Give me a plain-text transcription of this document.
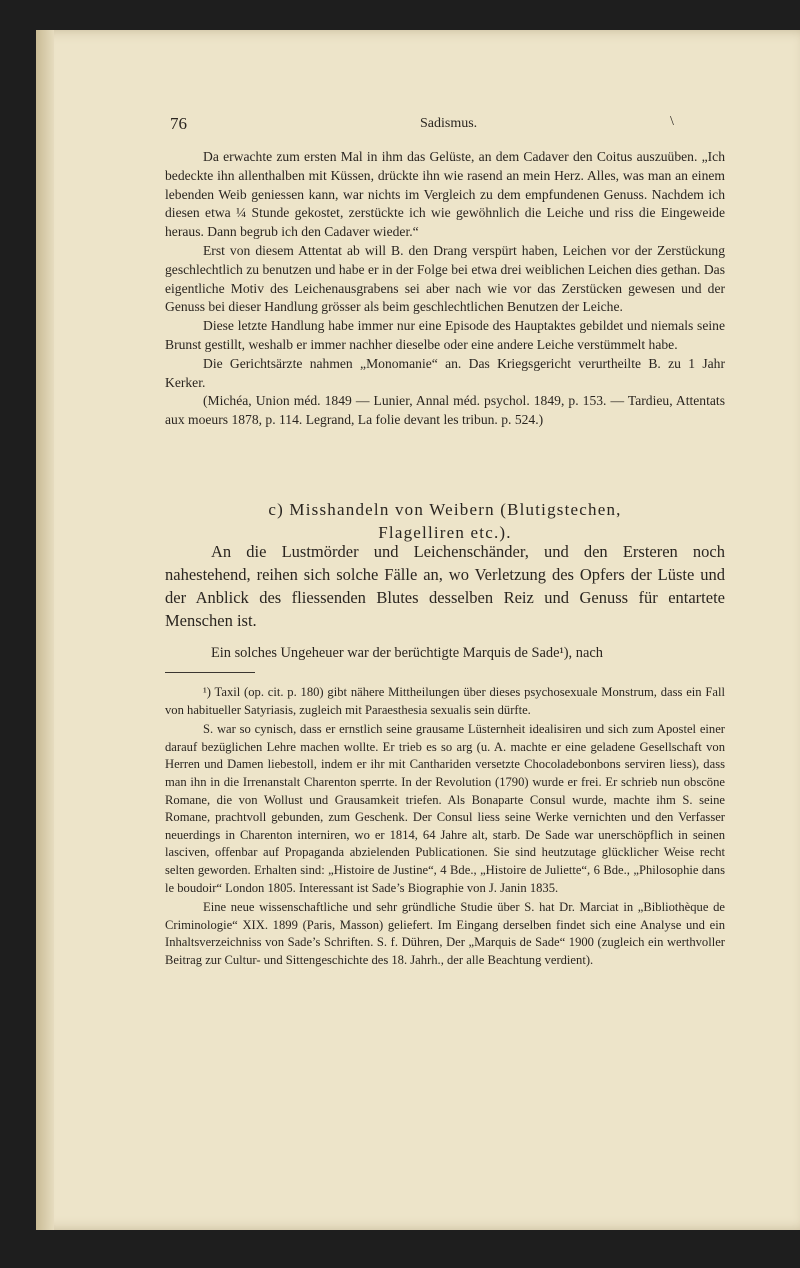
76	Sadismus.	\

Da erwachte zum ersten Mal in ihm das Gelüste, an dem Cadaver den Coitus auszuüben. „Ich bedeckte ihn allenthalben mit Küssen, drückte ihn wie rasend an mein Herz. Alles, was man an einem lebenden Weib geniessen kann, war nichts im Vergleich zu dem empfundenen Genuss. Nachdem ich diesen etwa ¼ Stunde gekostet, zerstückte ich wie gewöhnlich die Leiche und riss die Eingeweide heraus. Dann begrub ich den Cadaver wieder.“

Erst von diesem Attentat ab will B. den Drang verspürt haben, Leichen vor der Zerstückung geschlechtlich zu benutzen und habe er in der Folge bei etwa drei weiblichen Leichen dies gethan. Das eigentliche Motiv des Leichenausgrabens sei aber nach wie vor das Zerstücken gewesen und der Genuss bei dieser Handlung grösser als beim geschlechtlichen Benutzen der Leiche.

Diese letzte Handlung habe immer nur eine Episode des Hauptaktes gebildet und niemals seine Brunst gestillt, weshalb er immer nachher dieselbe oder eine andere Leiche verstümmelt habe.

Die Gerichtsärzte nahmen „Monomanie“ an. Das Kriegsgericht verurtheilte B. zu 1 Jahr Kerker.

(Michéa, Union méd. 1849 — Lunier, Annal méd. psychol. 1849, p. 153. — Tardieu, Attentats aux moeurs 1878, p. 114. Legrand, La folie devant les tribun. p. 524.)

c) Misshandeln von Weibern (Blutigstechen,
Flagelliren etc.).

An die Lustmörder und Leichenschänder, und den Ersteren noch nahestehend, reihen sich solche Fälle an, wo Verletzung des Opfers der Lüste und der Anblick des fliessenden Blutes desselben Reiz und Genuss für entartete Menschen ist.

Ein solches Ungeheuer war der berüchtigte Marquis de Sade¹), nach

¹) Taxil (op. cit. p. 180) gibt nähere Mittheilungen über dieses psychosexuale Monstrum, dass ein Fall von habitueller Satyriasis, zugleich mit Paraesthesia sexualis sein dürfte.

S. war so cynisch, dass er ernstlich seine grausame Lüsternheit idealisiren und sich zum Apostel einer darauf bezüglichen Lehre machen wollte. Er trieb es so arg (u. A. machte er eine geladene Gesellschaft von Herren und Damen liebestoll, indem er ihr mit Canthariden versetzte Chocoladebonbons serviren liess), dass man ihn in die Irrenanstalt Charenton sperrte. In der Revolution (1790) wurde er frei. Er schrieb nun obscöne Romane, die von Wollust und Grausamkeit triefen. Als Bonaparte Consul wurde, machte ihm S. seine Romane, prachtvoll gebunden, zum Geschenk. Der Consul liess seine Werke vernichten und den Verfasser neuerdings in Charenton interniren, wo er 1814, 64 Jahre alt, starb. De Sade war unerschöpflich in seinen lasciven, offenbar auf Propaganda abzielenden Publicationen. Sie sind heutzutage glücklicher Weise recht selten geworden. Erhalten sind: „Histoire de Justine“, 4 Bde., „Histoire de Juliette“, 6 Bde., „Philosophie dans le boudoir“ London 1805. Interessant ist Sade’s Biographie von J. Janin 1835.

Eine neue wissenschaftliche und sehr gründliche Studie über S. hat Dr. Marciat in „Bibliothèque de Criminologie“ XIX. 1899 (Paris, Masson) geliefert. Im Eingang derselben findet sich eine Analyse und ein Inhaltsverzeichniss von Sade’s Schriften. S. f. Dühren, Der „Marquis de Sade“ 1900 (zugleich ein werthvoller Beitrag zur Cultur- und Sittengeschichte des 18. Jahrh., der alle Beachtung verdient).
